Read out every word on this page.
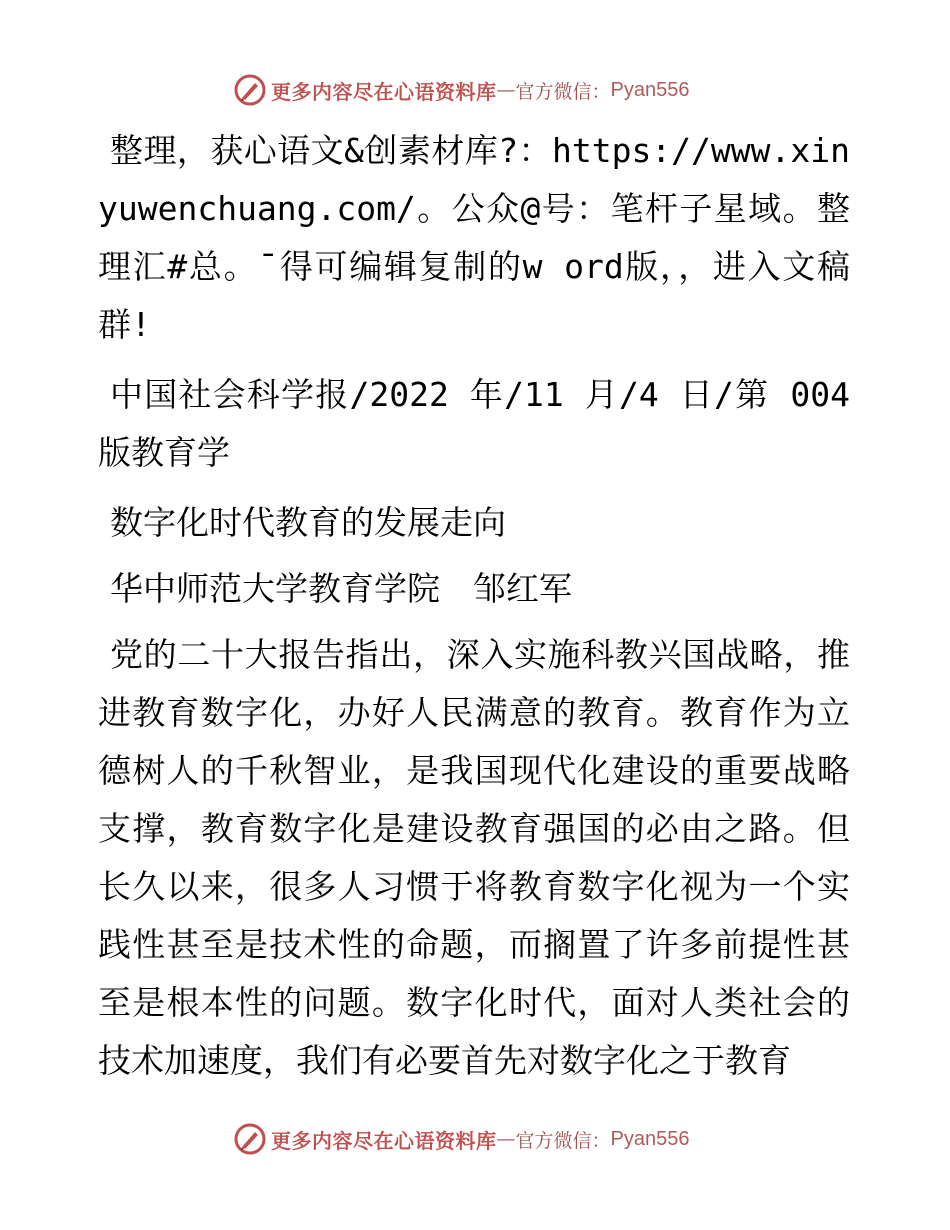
更多内容尽在心语资料库 — 官方微信： Pyan556

整理，获心语文&创素材库?：https://www.xinyuwenchuang.com/。公众@号：笔杆子星域。整理汇#总。¯得可编辑复制的w ord版，，进入文稿群!

中国社会科学报/2022 年/11 月/4 日/第 004 版教育学

数字化时代教育的发展走向

华中师范大学教育学院　邹红军

党的二十大报告指出，深入实施科教兴国战略，推进教育数字化，办好人民满意的教育。教育作为立德树人的千秋智业，是我国现代化建设的重要战略支撑，教育数字化是建设教育强国的必由之路。但长久以来，很多人习惯于将教育数字化视为一个实践性甚至是技术性的命题，而搁置了许多前提性甚至是根本性的问题。数字化时代，面对人类社会的技术加速度，我们有必要首先对数字化之于教育

更多内容尽在心语资料库 — 官方微信： Pyan556
